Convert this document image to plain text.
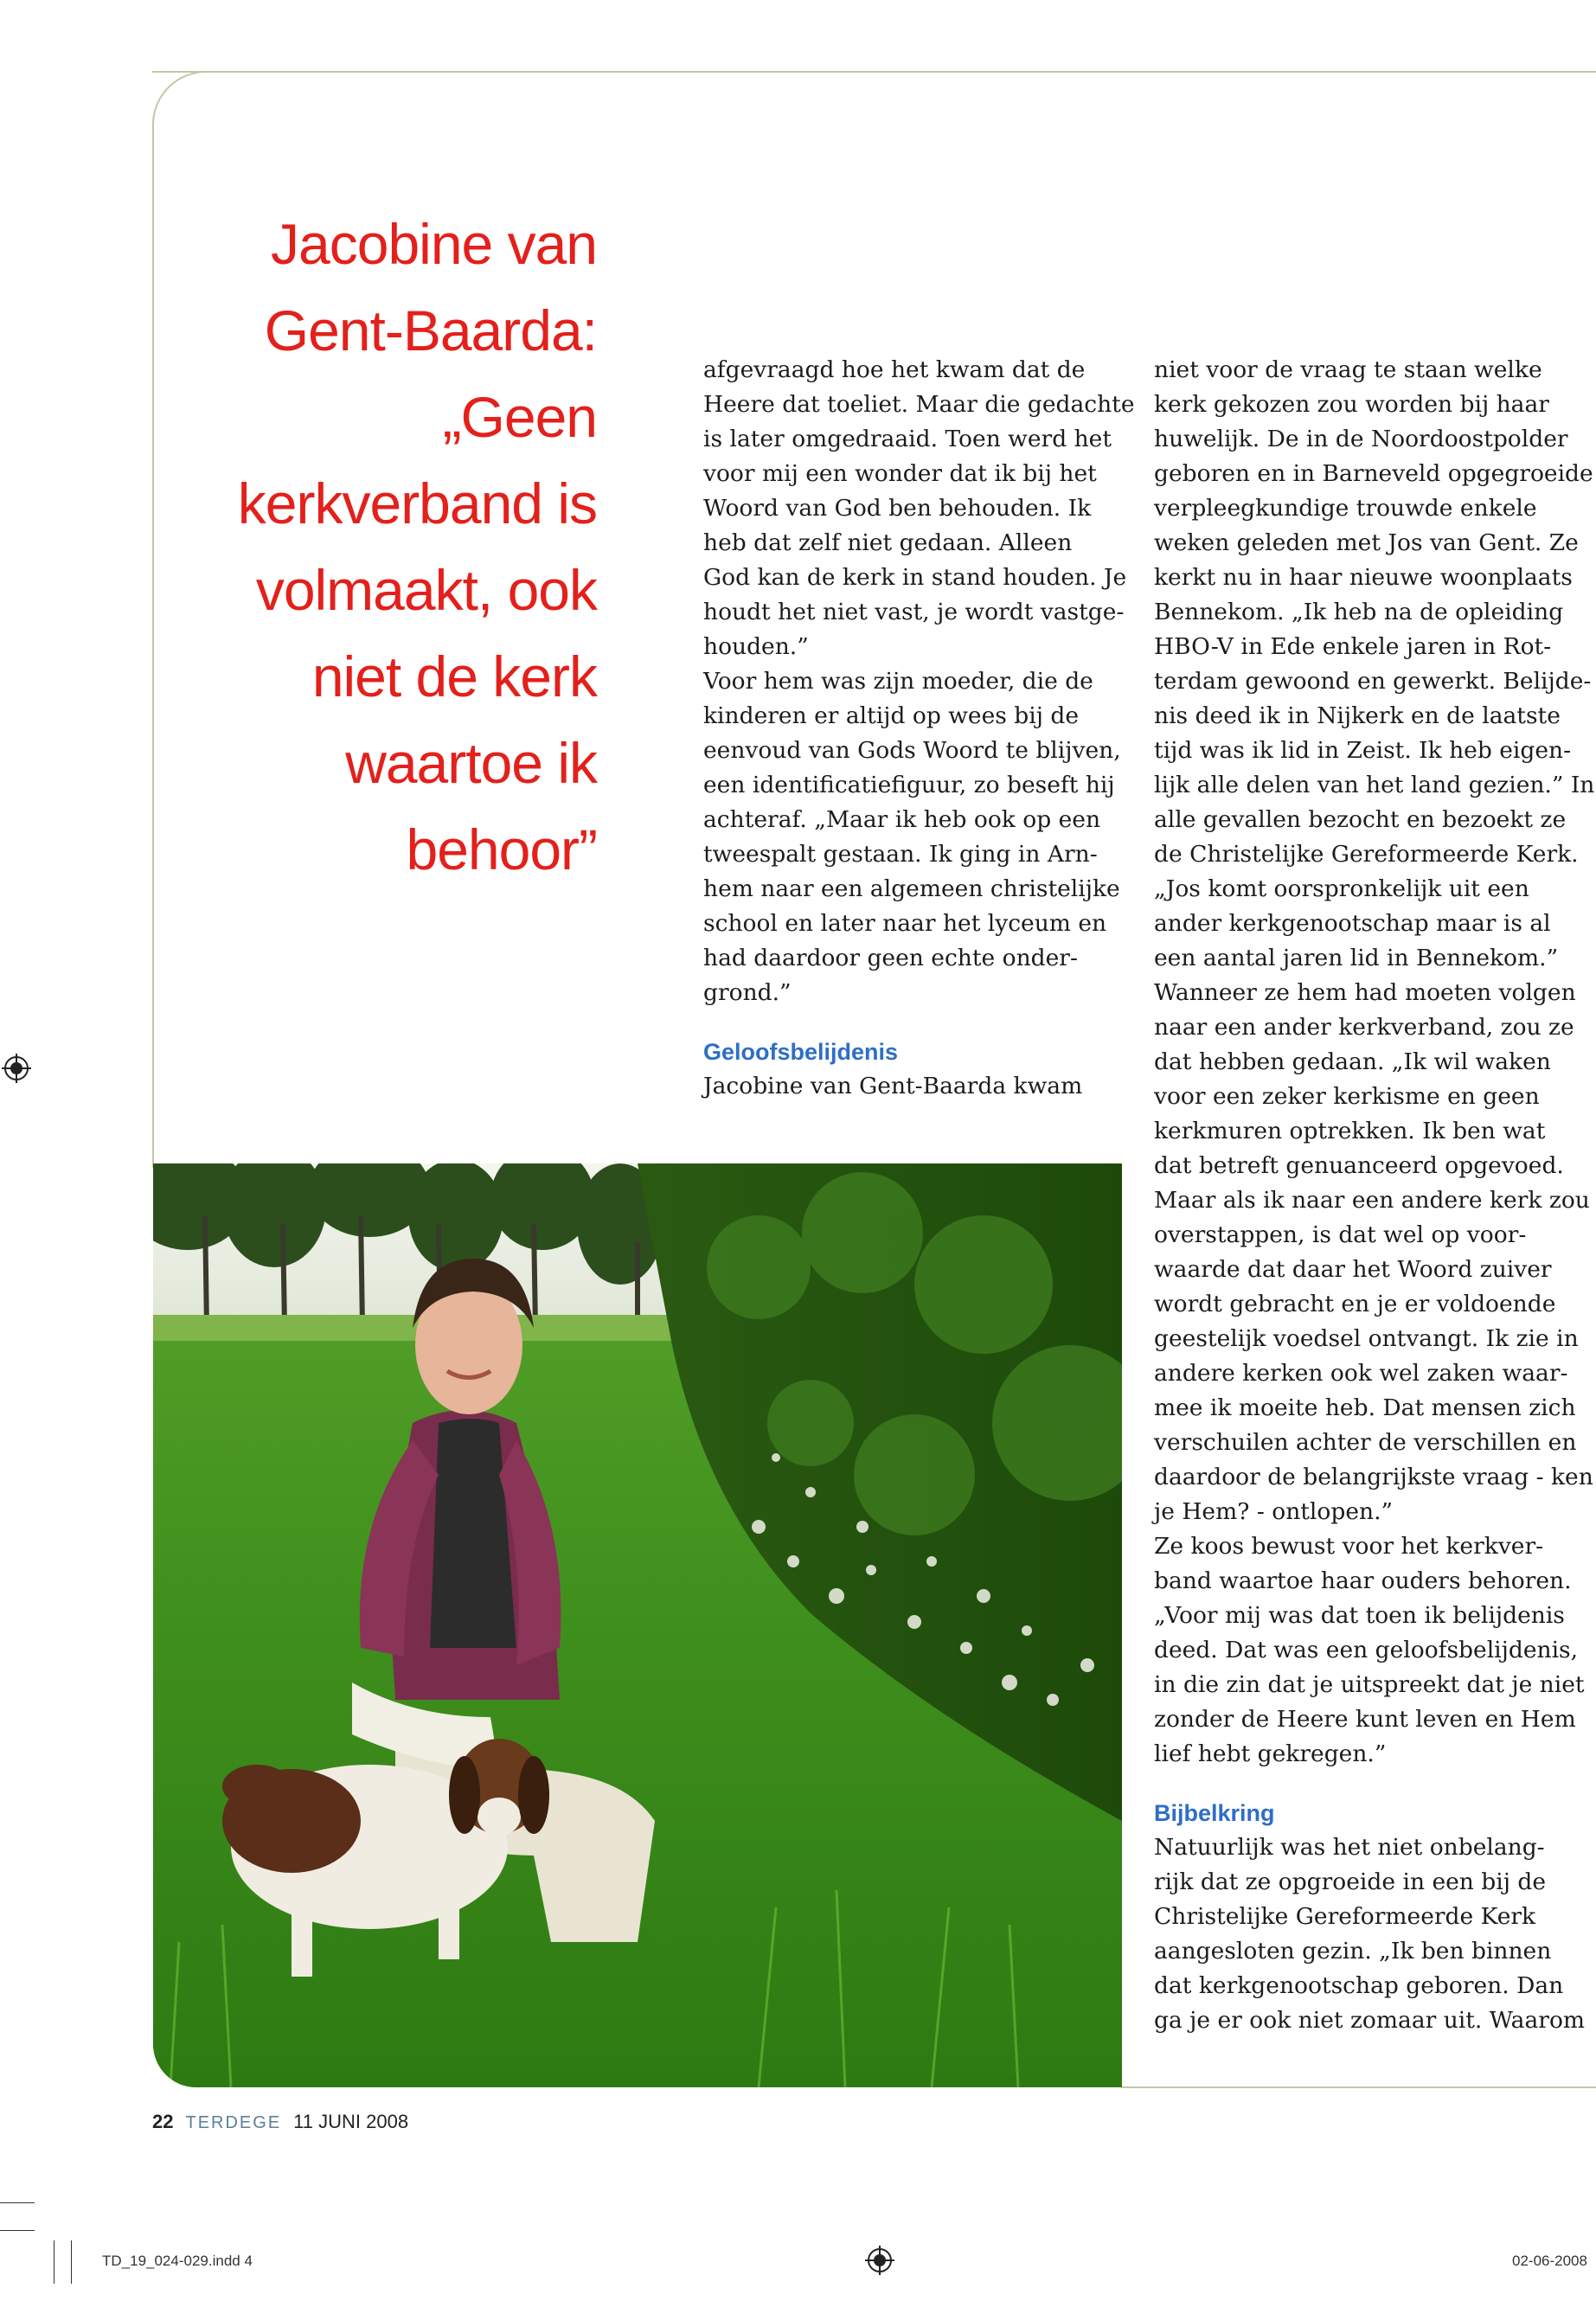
Jacobine van
Gent-Baarda:
„Geen
kerkverband is
volmaakt, ook
niet de kerk
waartoe ik
behoor”
afgevraagd hoe het kwam dat de
Heere dat toeliet. Maar die gedachte
is later omgedraaid. Toen werd het
voor mij een wonder dat ik bij het
Woord van God ben behouden. Ik
heb dat zelf niet gedaan. Alleen
God kan de kerk in stand houden. Je
houdt het niet vast, je wordt vastge-
houden.”
Voor hem was zijn moeder, die de
kinderen er altijd op wees bij de
eenvoud van Gods Woord te blijven,
een identificatiefiguur, zo beseft hij
achteraf. „Maar ik heb ook op een
tweespalt gestaan. Ik ging in Arn-
hem naar een algemeen christelijke
school en later naar het lyceum en
had daardoor geen echte onder-
grond.”
Geloofsbelijdenis
Jacobine van Gent-Baarda kwam
niet voor de vraag te staan welke
kerk gekozen zou worden bij haar
huwelijk. De in de Noordoostpolder
geboren en in Barneveld opgegroeide
verpleegkundige trouwde enkele
weken geleden met Jos van Gent. Ze
kerkt nu in haar nieuwe woonplaats
Bennekom. „Ik heb na de opleiding
HBO-V in Ede enkele jaren in Rot-
terdam gewoond en gewerkt. Belijde-
nis deed ik in Nijkerk en de laatste
tijd was ik lid in Zeist. Ik heb eigen-
lijk alle delen van het land gezien.” In
alle gevallen bezocht en bezoekt ze
de Christelijke Gereformeerde Kerk.
„Jos komt oorspronkelijk uit een
ander kerkgenootschap maar is al
een aantal jaren lid in Bennekom.”
Wanneer ze hem had moeten volgen
naar een ander kerkverband, zou ze
dat hebben gedaan. „Ik wil waken
voor een zeker kerkisme en geen
kerkmuren optrekken. Ik ben wat
dat betreft genuanceerd opgevoed.
Maar als ik naar een andere kerk zou
overstappen, is dat wel op voor-
waarde dat daar het Woord zuiver
wordt gebracht en je er voldoende
geestelijk voedsel ontvangt. Ik zie in
andere kerken ook wel zaken waar-
mee ik moeite heb. Dat mensen zich
verschuilen achter de verschillen en
daardoor de belangrijkste vraag - ken
je Hem? - ontlopen.”
Ze koos bewust voor het kerkver-
band waartoe haar ouders behoren.
„Voor mij was dat toen ik belijdenis
deed. Dat was een geloofsbelijdenis,
in die zin dat je uitspreekt dat je niet
zonder de Heere kunt leven en Hem
lief hebt gekregen.”
Bijbelkring
Natuurlijk was het niet onbelang-
rijk dat ze opgroeide in een bij de
Christelijke Gereformeerde Kerk
aangesloten gezin. „Ik ben binnen
dat kerkgenootschap geboren. Dan
ga je er ook niet zomaar uit. Waarom
22 TERDEGE 11 JUNI 2008
TD_19_024-029.indd 4	02-06-2008
